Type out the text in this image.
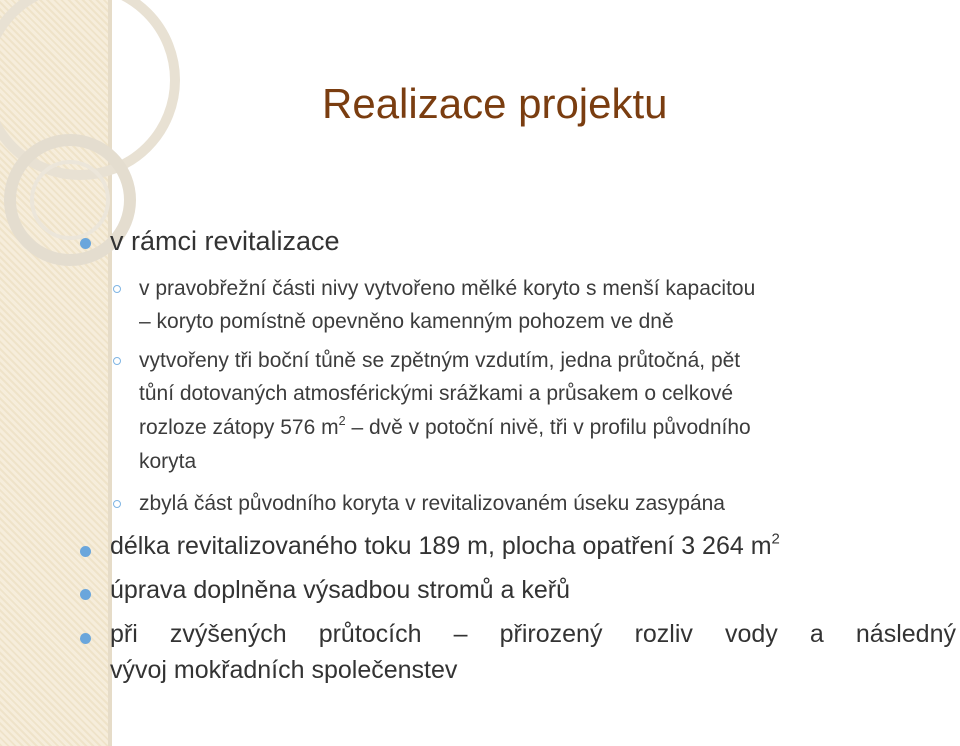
Realizace projektu
v rámci revitalizace
v pravobřežní části nivy vytvořeno mělké koryto s menší kapacitou
– koryto pomístně opevněno kamenným pohozem ve dně
vytvořeny tři boční tůně se zpětným vzdutím, jedna průtočná, pět
tůní dotovaných atmosférickými srážkami a průsakem o celkové
rozloze zátopy 576 $m^2$ – dvě v potoční nivě, tři v profilu původního
koryta
zbylá část původního koryta v revitalizovaném úseku zasypána
délka revitalizovaného toku 189 m, plocha opatření 3 264 $m^2$
úprava doplněna výsadbou stromů a keřů
při zvýšených průtocích – přirozený rozliv vody a následný
vývoj mokřadních společenstev
